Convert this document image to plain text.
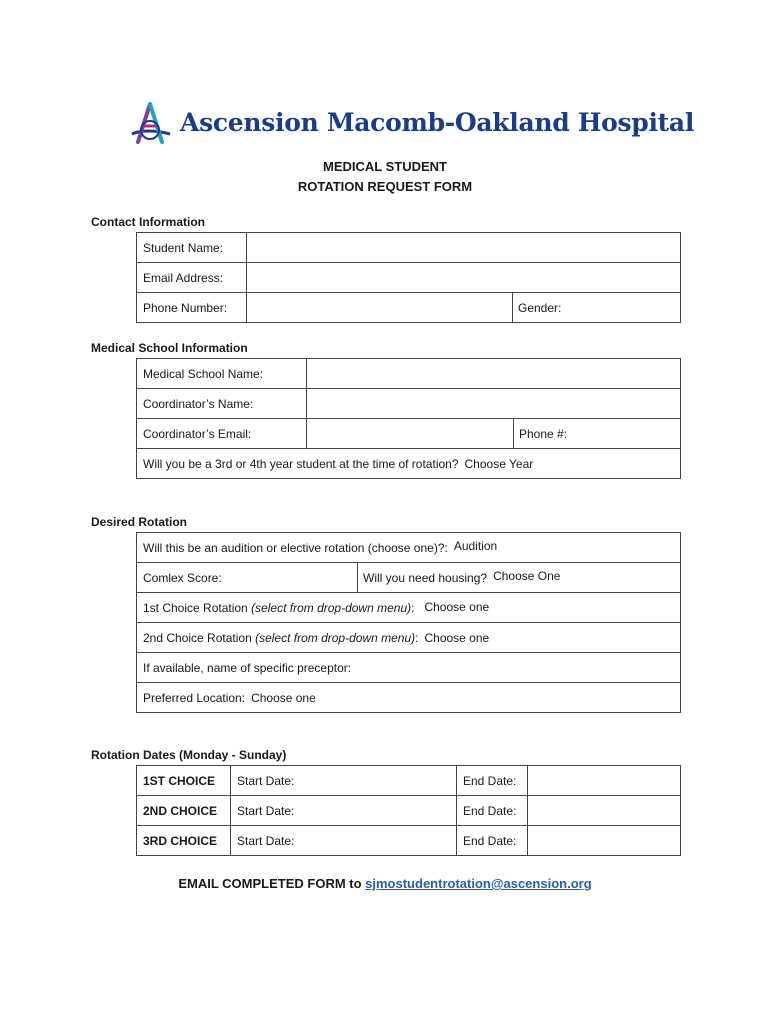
Ascension Macomb-Oakland Hospital
MEDICAL STUDENT
ROTATION REQUEST FORM
Contact Information
Student Name:
Email Address:
Phone Number:	Gender:
Medical School Information
Medical School Name:
Coordinator’s Name:
Coordinator’s Email:	Phone #:
Will you be a 3rd or 4th year student at the time of rotation? Choose Year
Desired Rotation
Will this be an audition or elective rotation (choose one)?: Audition
Comlex Score:	Will you need housing? Choose One
1st Choice Rotation (select from drop-down menu) : Choose one
2nd Choice Rotation (select from drop-down menu) : Choose one
If available, name of specific preceptor:
Preferred Location: Choose one
Rotation Dates (Monday - Sunday)
1ST CHOICE Start Date:	End Date:
2ND CHOICE Start Date:	End Date:
3RD CHOICE Start Date:	End Date:
EMAIL COMPLETED FORM to sjmostudentrotation@ascension.org
